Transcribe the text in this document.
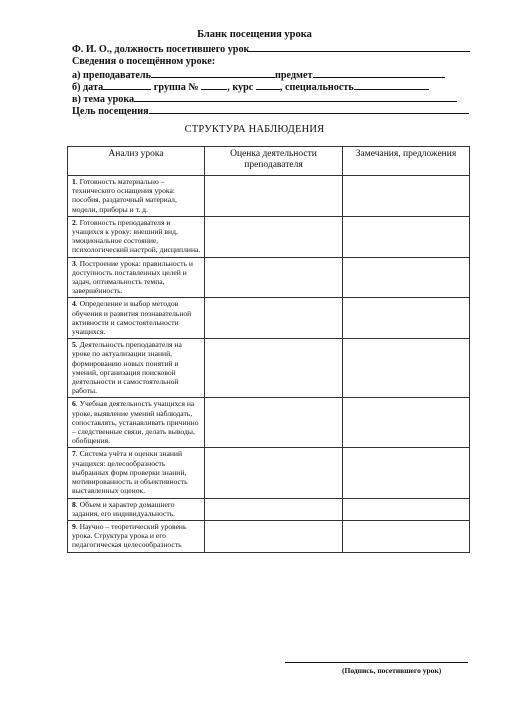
Бланк посещения урока
Ф. И. О., должность посетившего урок
Сведения о посещённом уроке:
а) преподаватель	предмет
б) дата	группа №	, курс	, специальность
в) тема урока
Цель посещения
СТРУКТУРА НАБЛЮДЕНИЯ
Анализ урока	Оценка деятельности преподавателя	Замечания, предложения
1. Готовность материально – технического оснащения урока: пособия, раздаточный материал, модели, приборы и т. д.		
2. Готовность преподавателя и учащихся к уроку: внешний вид, эмоциональное состояние, психологический настрой, дисциплина.		
3. Построение урока: правильность и доступность поставленных целей и задач, оптимальность темпа, завершённость.		
4. Определение и выбор методов обучения и развития познавательной активности и самостоятельности учащихся.		
5. Деятельность преподавателя на уроке по актуализации знаний, формированию новых понятий и умений, организация поисковой деятельности и самостоятельной работы.		
6. Учебная деятельность учащихся на уроке, выявление умений наблюдать, сопоставлять, устанавливать причинно – следственные связи, делать выводы, обобщения.		
7. Система учёта и оценки знаний учащихся: целесообразность выбранных форм проверки знаний, мотивированность и объективность выставленных оценок.		
8. Объем и характер домашнего задания, его индивидуальность.		
9. Научно – теоретический уровень урока. Структура урока и его педагогическая целесообразность		
(Подпись, посетившего урок)
